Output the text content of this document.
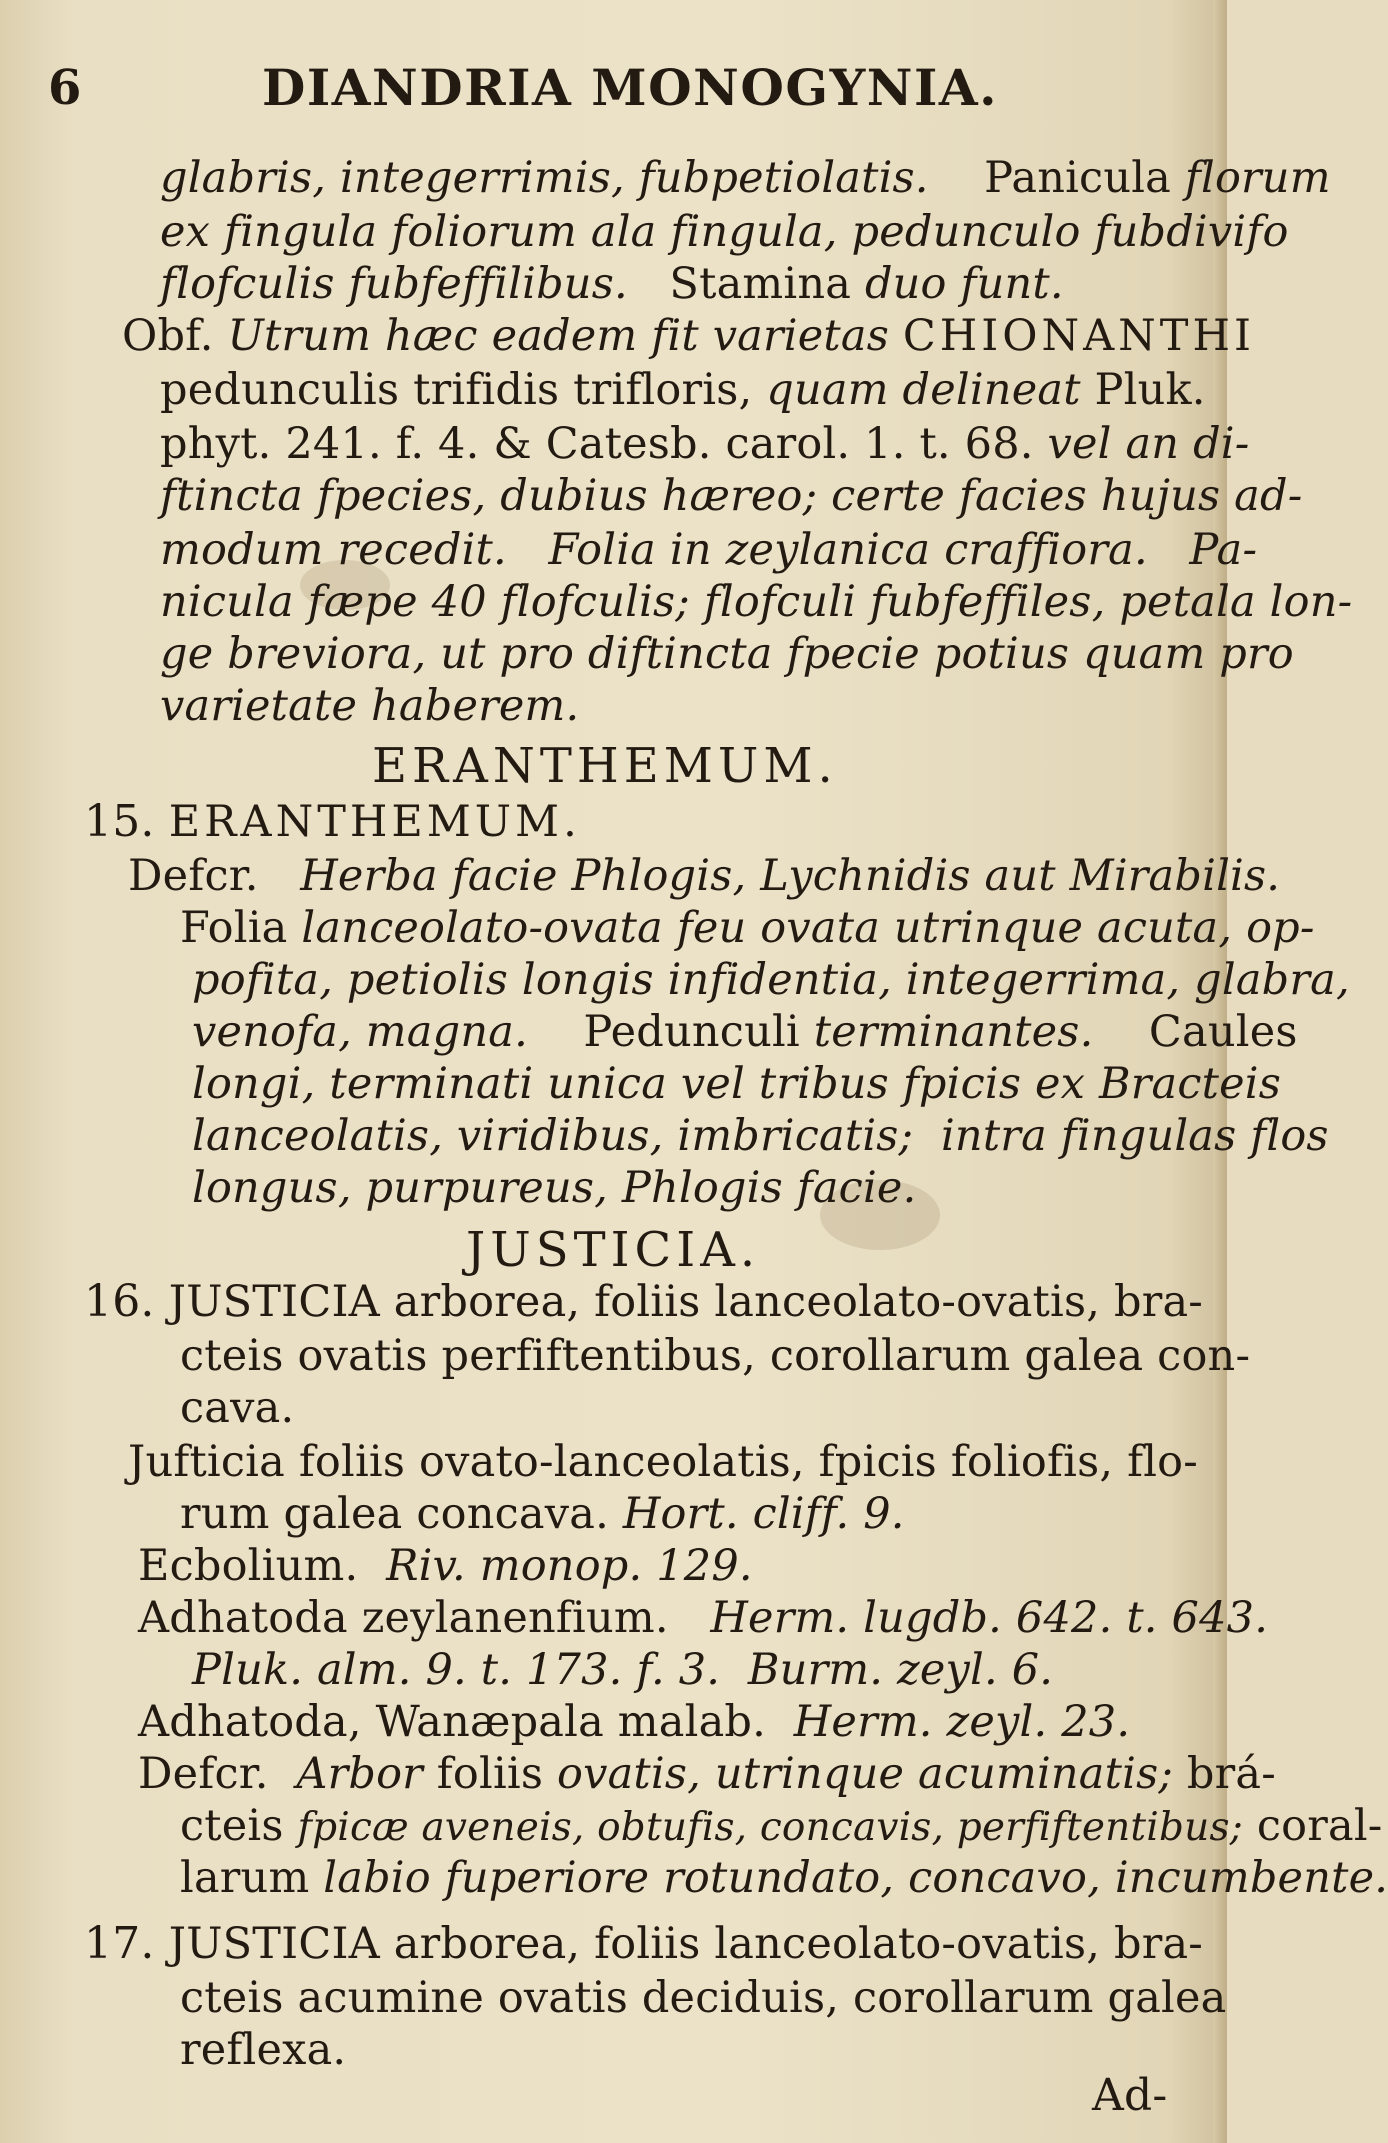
6	DIANDRIA MONOGYNIA.
glabris, integerrimis, fubpetiolatis.    Panicula florum
ex fingula foliorum ala fingula, pedunculo fubdivifo
flofculis fubfeffilibus.   Stamina duo funt.
Obf. Utrum hæc eadem fit varietas CHIONANTHI
pedunculis trifidis trifloris, quam delineat Pluk.
phyt. 241. f. 4. & Catesb. carol. 1. t. 68. vel an di-
ftincta fpecies, dubius hæreo; certe facies hujus ad-
modum recedit.   Folia in zeylanica craffiora.   Pa-
nicula fæpe 40 flofculis; flofculi fubfeffiles, petala lon-
ge breviora, ut pro diftincta fpecie potius quam pro
varietate haberem.
ERANTHEMUM.
15. ERANTHEMUM.
Defcr.   Herba facie Phlogis, Lychnidis aut Mirabilis.
Folia lanceolato-ovata feu ovata utrinque acuta, op-
pofita, petiolis longis infidentia, integerrima, glabra,
venofa, magna.    Pedunculi terminantes.    Caules
longi, terminati unica vel tribus fpicis ex Bracteis
lanceolatis, viridibus, imbricatis;  intra fingulas flos
longus, purpureus, Phlogis facie.
JUSTICIA.
16. JUSTICIA arborea, foliis lanceolato-ovatis, bra-
cteis ovatis perfiftentibus, corollarum galea con-
cava.
Jufticia foliis ovato-lanceolatis, fpicis foliofis, flo-
rum galea concava. Hort. cliff. 9.
Ecbolium.  Riv. monop. 129.
Adhatoda zeylanenfium.   Herm. lugdb. 642. t. 643.
Pluk. alm. 9. t. 173. f. 3.  Burm. zeyl. 6.
Adhatoda, Wanæpala malab.  Herm. zeyl. 23.
Defcr.  Arbor foliis ovatis, utrinque acuminatis; brá-
cteis fpicæ aveneis, obtufis, concavis, perfiftentibus; coral-
larum labio fuperiore rotundato, concavo, incumbente.
17. JUSTICIA arborea, foliis lanceolato-ovatis, bra-
cteis acumine ovatis deciduis, corollarum galea
reflexa.
Ad-
